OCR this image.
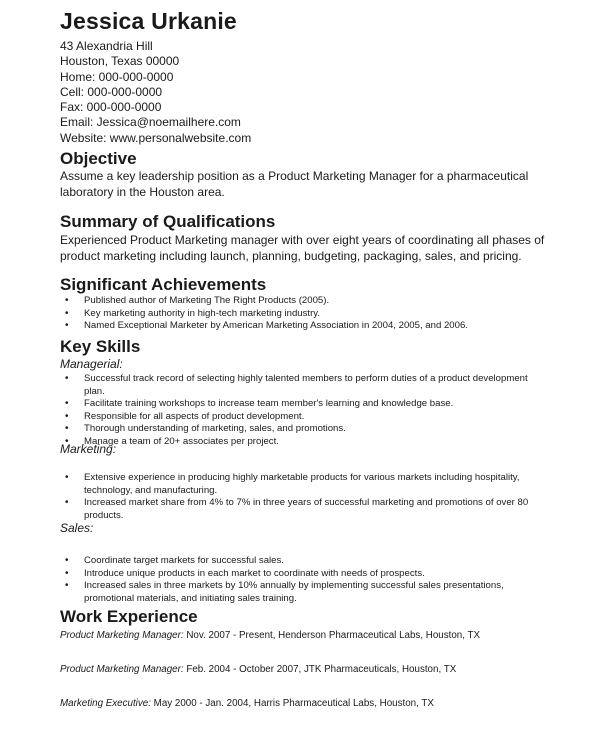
Jessica Urkanie
43 Alexandria Hill
Houston, Texas 00000
Home: 000-000-0000
Cell: 000-000-0000
Fax: 000-000-0000
Email: Jessica@noemailhere.com
Website: www.personalwebsite.com
Objective
Assume a key leadership position as a Product Marketing Manager for a pharmaceutical laboratory in the Houston area.
Summary of Qualifications
Experienced Product Marketing manager with over eight years of coordinating all phases of product marketing including launch, planning, budgeting, packaging, sales, and pricing.
Significant Achievements
• Published author of Marketing The Right Products (2005).
• Key marketing authority in high-tech marketing industry.
• Named Exceptional Marketer by American Marketing Association in 2004, 2005, and 2006.
Key Skills
Managerial:
• Successful track record of selecting highly talented members to perform duties of a product development plan.
• Facilitate training workshops to increase team member's learning and knowledge base.
• Responsible for all aspects of product development.
• Thorough understanding of marketing, sales, and promotions.
• Manage a team of 20+ associates per project.
Marketing:
• Extensive experience in producing highly marketable products for various markets including hospitality, technology, and manufacturing.
• Increased market share from 4% to 7% in three years of successful marketing and promotions of over 80 products.
Sales:
• Coordinate target markets for successful sales.
• Introduce unique products in each market to coordinate with needs of prospects.
• Increased sales in three markets by 10% annually by implementing successful sales presentations, promotional materials, and initiating sales training.
Work Experience
Product Marketing Manager: Nov. 2007 - Present, Henderson Pharmaceutical Labs, Houston, TX
Product Marketing Manager: Feb. 2004 - October 2007, JTK Pharmaceuticals, Houston, TX
Marketing Executive: May 2000 - Jan. 2004, Harris Pharmaceutical Labs, Houston, TX
